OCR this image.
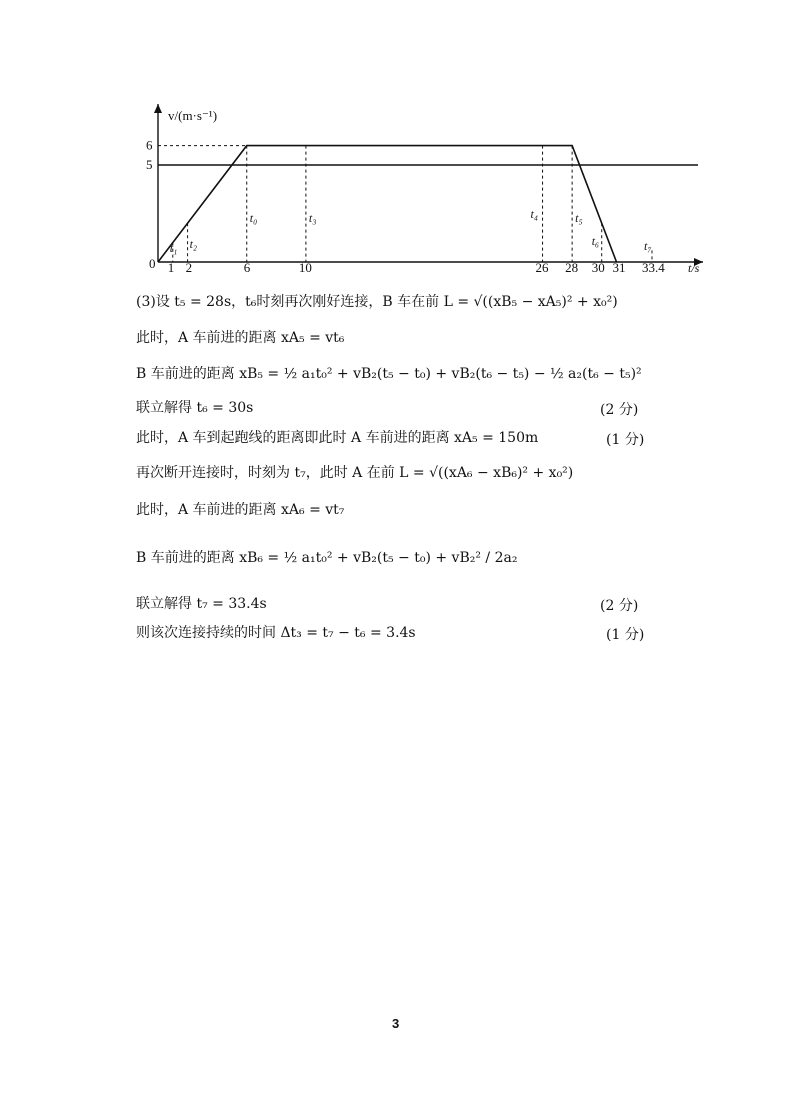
v/(m·s⁻¹)
t/s
0
6
5
1 2	6	10	26 28 30 31 33.4
t₁ t₂
t₀	t₃	t₄	t₅
t₆	t₇
(3)设 t₅ = 28s，t₆时刻再次刚好连接，B 车在前 L = √((xB₅ − xA₅)² + x₀²)
此时，A 车前进的距离 xA₅ = vt₆
B 车前进的距离 xB₅ = ½ a₁t₀² + vB₂(t₅ − t₀) + vB₂(t₆ − t₅) − ½ a₂(t₆ − t₅)²
联立解得 t₆ = 30s	(2 分)
此时，A 车到起跑线的距离即此时 A 车前进的距离 xA₅ = 150m	(1 分)
再次断开连接时，时刻为 t₇，此时 A 在前 L = √((xA₆ − xB₆)² + x₀²)
此时，A 车前进的距离 xA₆ = vt₇
B 车前进的距离 xB₆ = ½ a₁t₀² + vB₂(t₅ − t₀) + vB₂² / 2a₂
联立解得 t₇ = 33.4s	(2 分)
则该次连接持续的时间 Δt₃ = t₇ − t₆ = 3.4s	(1 分)
3
